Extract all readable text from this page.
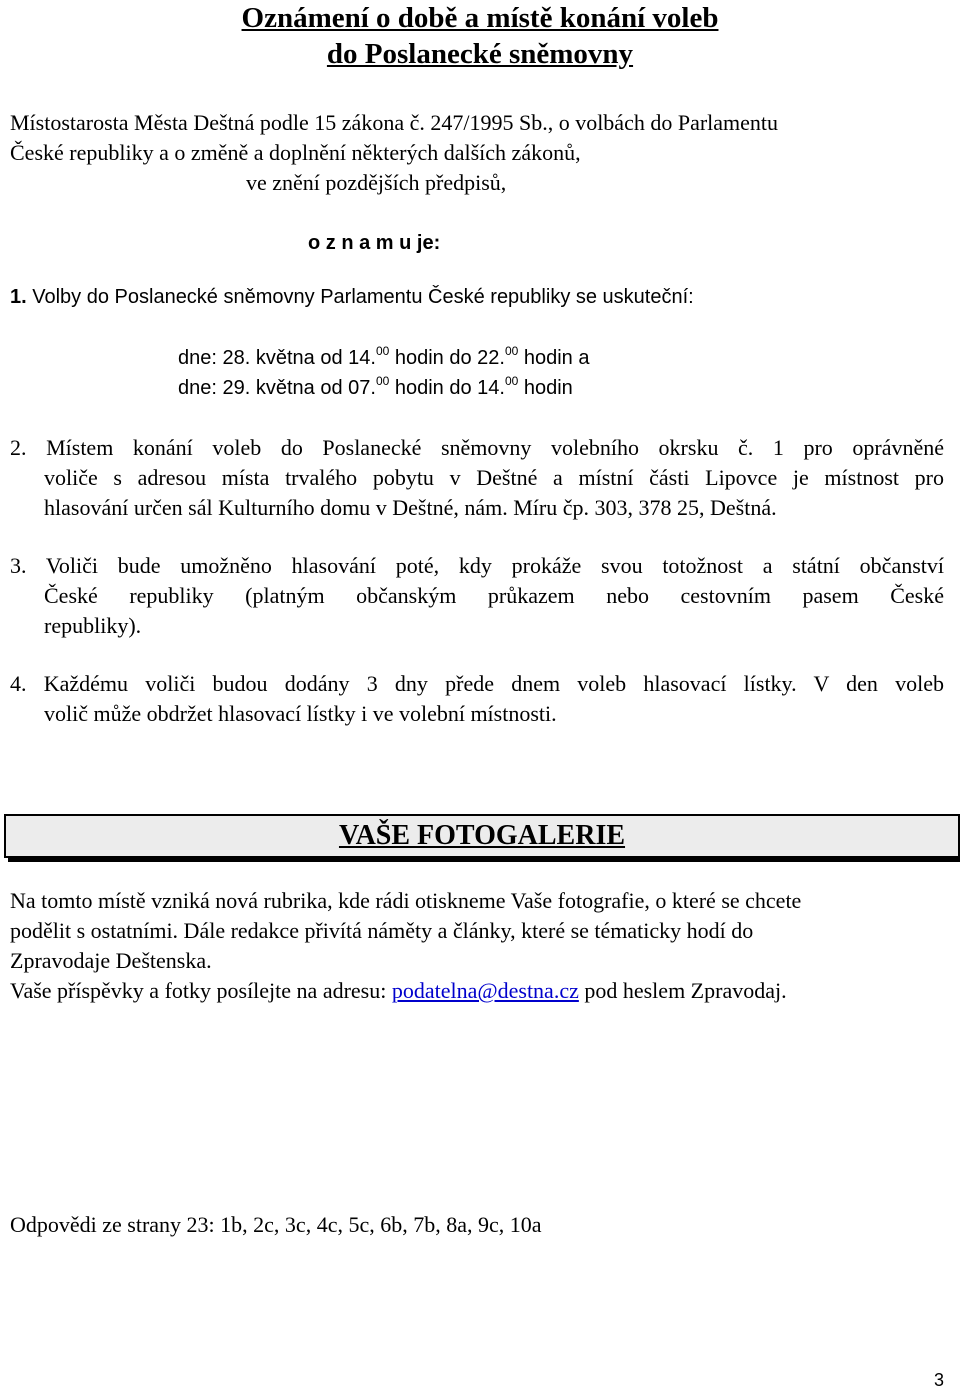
Oznámení o době a místě konání voleb
do Poslanecké sněmovny
Místostarosta Města Deštná podle 15 zákona č. 247/1995 Sb., o volbách do Parlamentu
České republiky a o změně a doplnění některých dalších zákonů,
ve znění pozdějších předpisů,
o z n a m u je:
1. Volby do Poslanecké sněmovny Parlamentu České republiky se uskuteční:
dne: 28. května od 14.00 hodin do 22.00 hodin a
dne: 29. května od 07.00 hodin do 14.00 hodin
2. Místem konání voleb do Poslanecké sněmovny volebního okrsku č. 1 pro oprávněné
voliče s adresou místa trvalého pobytu v Deštné a místní části Lipovce je místnost pro
hlasování určen sál Kulturního domu v Deštné, nám. Míru čp. 303, 378 25, Deštná.
3. Voliči bude umožněno hlasování poté, kdy prokáže svou totožnost a státní občanství
České republiky (platným občanským průkazem nebo cestovním pasem České
republiky).
4. Každému voliči budou dodány 3 dny přede dnem voleb hlasovací lístky. V den voleb
volič může obdržet hlasovací lístky i ve volební místnosti.
VAŠE FOTOGALERIE
Na tomto místě vzniká nová rubrika, kde rádi otiskneme Vaše fotografie, o které se chcete
podělit s ostatními. Dále redakce přivítá náměty a články, které se tématicky hodí do
Zpravodaje Deštenska.
Vaše příspěvky a fotky posílejte na adresu: podatelna@destna.cz pod heslem Zpravodaj.
Odpovědi ze strany 23: 1b, 2c, 3c, 4c, 5c, 6b, 7b, 8a, 9c, 10a
3
